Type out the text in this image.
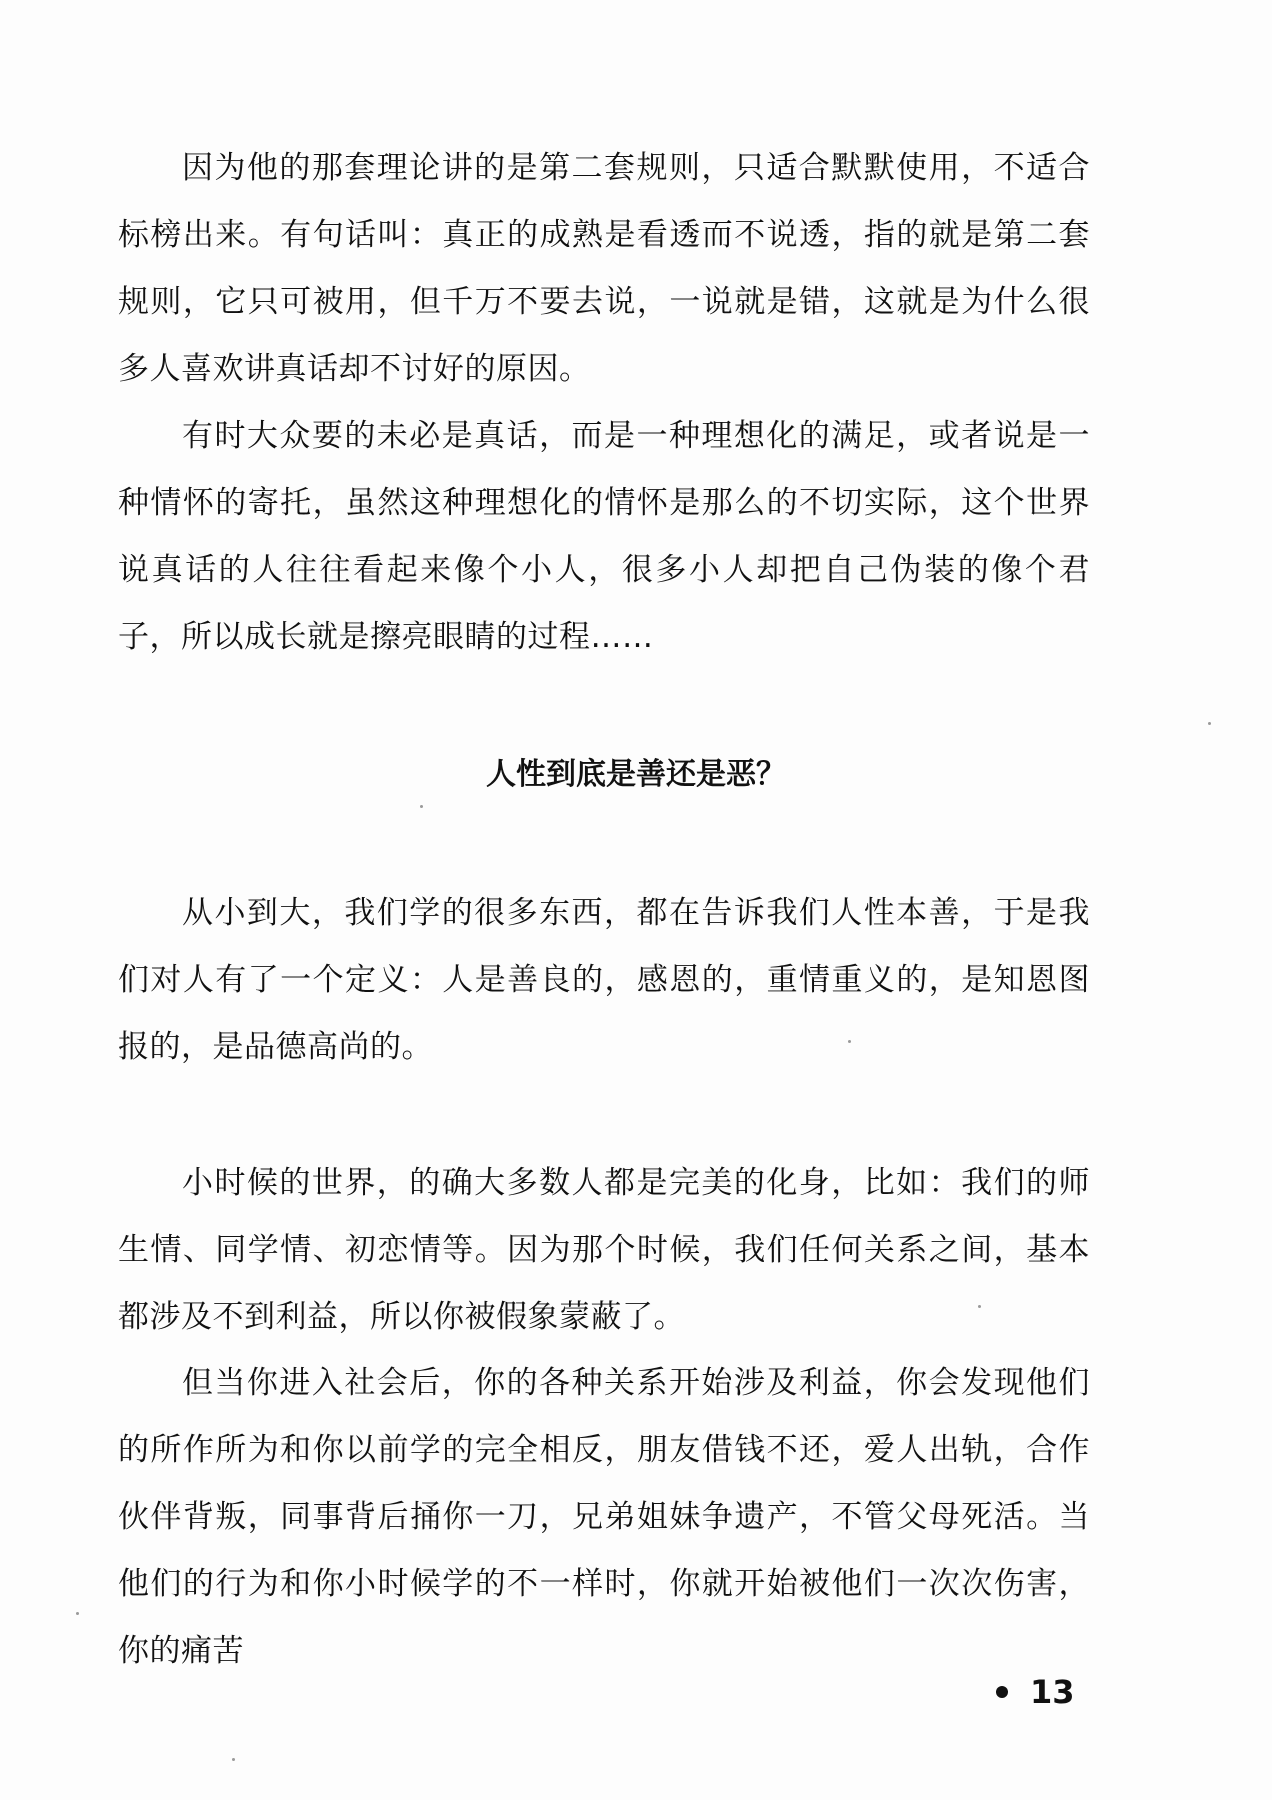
因为他的那套理论讲的是第二套规则，只适合默默使用，不适合标榜出来。有句话叫：真正的成熟是看透而不说透，指的就是第二套规则，它只可被用，但千万不要去说，一说就是错，这就是为什么很多人喜欢讲真话却不讨好的原因。

有时大众要的未必是真话，而是一种理想化的满足，或者说是一种情怀的寄托，虽然这种理想化的情怀是那么的不切实际，这个世界说真话的人往往看起来像个小人，很多小人却把自己伪装的像个君子，所以成长就是擦亮眼睛的过程……

人性到底是善还是恶？

从小到大，我们学的很多东西，都在告诉我们人性本善，于是我们对人有了一个定义：人是善良的，感恩的，重情重义的，是知恩图报的，是品德高尚的。

小时候的世界，的确大多数人都是完美的化身，比如：我们的师生情、同学情、初恋情等。因为那个时候，我们任何关系之间，基本都涉及不到利益，所以你被假象蒙蔽了。

但当你进入社会后，你的各种关系开始涉及利益，你会发现他们的所作所为和你以前学的完全相反，朋友借钱不还，爱人出轨，合作伙伴背叛，同事背后捅你一刀，兄弟姐妹争遗产，不管父母死活。当他们的行为和你小时候学的不一样时，你就开始被他们一次次伤害，你的痛苦

13
